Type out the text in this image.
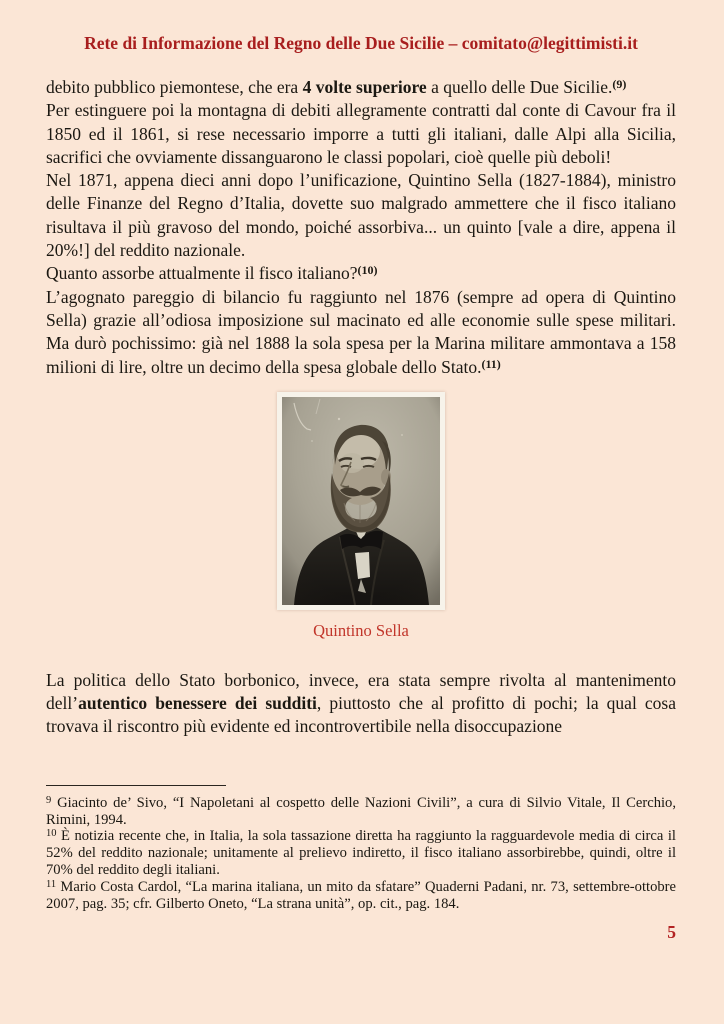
Rete di Informazione del Regno delle Due Sicilie – comitato@legittimisti.it

debito pubblico piemontese, che era 4 volte superiore a quello delle Due Sicilie.$^{(9)}$

Per estinguere poi la montagna di debiti allegramente contratti dal conte di Cavour fra il 1850 ed il 1861, si rese necessario imporre a tutti gli italiani, dalle Alpi alla Sicilia, sacrifici che ovviamente dissanguarono le classi popolari, cioè quelle più deboli!

Nel 1871, appena dieci anni dopo l’unificazione, Quintino Sella (1827-1884), ministro delle Finanze del Regno d’Italia, dovette suo malgrado ammettere che il fisco italiano risultava il più gravoso del mondo, poiché assorbiva... un quinto [vale a dire, appena il 20%!] del reddito nazionale.

Quanto assorbe attualmente il fisco italiano?$^{(10)}$

L’agognato pareggio di bilancio fu raggiunto nel 1876 (sempre ad opera di Quintino Sella) grazie all’odiosa imposizione sul macinato ed alle economie sulle spese militari. Ma durò pochissimo: già nel 1888 la sola spesa per la Marina militare ammontava a 158 milioni di lire, oltre un decimo della spesa globale dello Stato.$^{(11)}$

Quintino Sella

La politica dello Stato borbonico, invece, era stata sempre rivolta al mantenimento dell’autentico benessere dei sudditi, piuttosto che al profitto di pochi; la qual cosa trovava il riscontro più evidente ed incontrovertibile nella disoccupazione

$^9$ Giacinto de’ Sivo, “I Napoletani al cospetto delle Nazioni Civili”, a cura di Silvio Vitale, Il Cerchio, Rimini, 1994.

$^{10}$ È notizia recente che, in Italia, la sola tassazione diretta ha raggiunto la ragguardevole media di circa il 52% del reddito nazionale; unitamente al prelievo indiretto, il fisco italiano assorbirebbe, quindi, oltre il 70% del reddito degli italiani.

$^{11}$ Mario Costa Cardol, “La marina italiana, un mito da sfatare” Quaderni Padani, nr. 73, settembre-ottobre 2007, pag. 35; cfr. Gilberto Oneto, “La strana unità”, op. cit., pag. 184.

5
